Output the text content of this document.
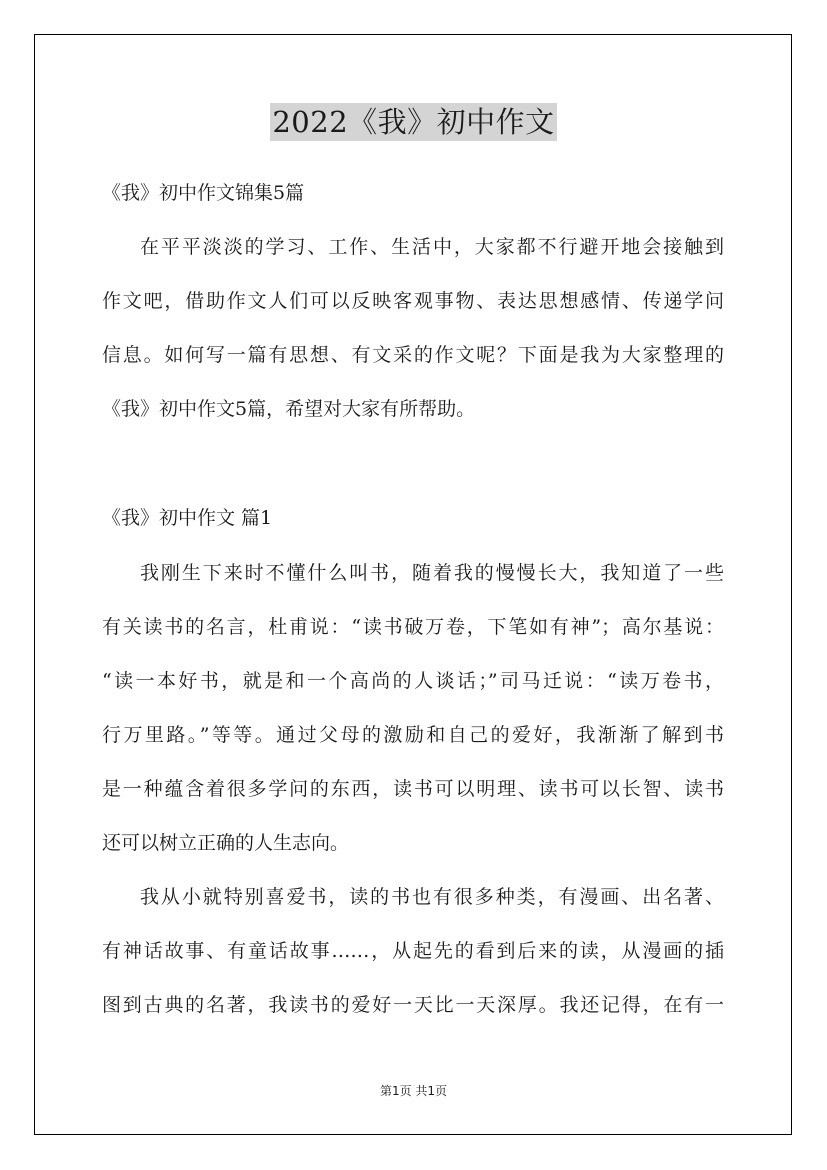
2022《我》初中作文
《我》初中作文锦集5篇
在平平淡淡的学习、工作、生活中，大家都不行避开地会接触到
作文吧，借助作文人们可以反映客观事物、表达思想感情、传递学问
信息。如何写一篇有思想、有文采的作文呢？下面是我为大家整理的
《我》初中作文5篇，希望对大家有所帮助。
《我》初中作文 篇1
我刚生下来时不懂什么叫书，随着我的慢慢长大，我知道了一些
有关读书的名言，杜甫说：“读书破万卷，下笔如有神”；高尔基说：
“读一本好书，就是和一个高尚的人谈话；”司马迁说：“读万卷书，
行万里路。”等等。通过父母的激励和自己的爱好，我渐渐了解到书
是一种蕴含着很多学问的东西，读书可以明理、读书可以长智、读书
还可以树立正确的人生志向。
我从小就特别喜爱书，读的书也有很多种类，有漫画、出名著、
有神话故事、有童话故事……，从起先的看到后来的读，从漫画的插
图到古典的名著，我读书的爱好一天比一天深厚。我还记得，在有一
第1页 共1页
